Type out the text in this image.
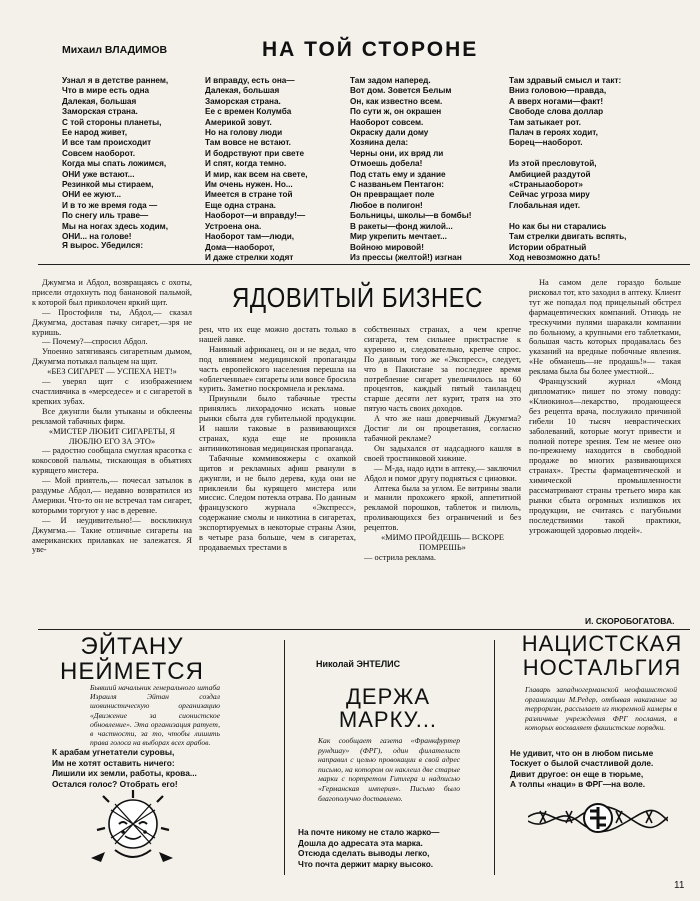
Михаил ВЛАДИМОВ	НА ТОЙ СТОРОНЕ
Узнал я в детстве раннем,
Что в мире есть одна
Далекая, большая
Заморская страна.
С той стороны планеты,
Ее народ живет,
И все там происходит
Совсем наоборот.
Когда мы спать ложимся,
ОНИ уже встают...
Резинкой мы стираем,
ОНИ ее жуют...
И в то же время года —
По снегу иль траве—
Мы на ногах здесь ходим,
ОНИ... на голове!
Я вырос. Убедился:
И вправду, есть она—
Далекая, большая
Заморская страна.
Ее с времен Колумба
Америкой зовут.
Но на голову люди
Там вовсе не встают.
И бодрствуют при свете
И спят, когда темно.
И мир, как всем на свете,
Им очень нужен. Но...
Имеется в стране той
Еще одна страна.
Наоборот—и вправду!—
Устроена она.
Наоборот там—люди,
Дома—наоборот,
И даже стрелки ходят
Там задом наперед.
Вот дом. Зовется Белым
Он, как известно всем.
По сути ж, он окрашен
Наоборот совсем.
Окраску дали дому
Хозяина дела:
Черны они, их вряд ли
Отмоешь добела!
Под стать ему и здание
С названьем Пентагон:
Он превращает поле
Любое в полигон!
Больницы, школы—в бомбы!
В ракеты—фонд жилой...
Мир укрепить мечтает...
Войною мировой!
Из прессы (желтой!) изгнан
Там здравый смысл и такт:
Вниз головою—правда,
А вверх ногами—факт!
Свободе слова доллар
Там затыкает рот.
Палач в героях ходит,
Борец—наоборот.

Из этой пресловутой,
Амбицией раздутой
«Страныаоборот»
Сейчас угроза миру
Глобальная идет.

Но как бы ни старались
Там стрелки двигать вспять,
Истории обратный
Ход невозможно дать!
ЯДОВИТЫЙ БИЗНЕС

Джумгма и Абдол, возвращаясь с охоты, присели отдохнуть под банановой пальмой, к которой был приколочен яркий щит.

— Простофиля ты, Абдол,— сказал Джумгма, доставая пачку сигарет,—зря не куришь.

— Почему?—спросил Абдол.

Упоенно затягиваясь сигаретным дымом, Джумгма потыкал пальцем на щит.

«БЕЗ СИГАРЕТ — УСПЕХА НЕТ!»

— уверял щит с изображением счастливчика в «мерседесе» и с сигаретой в крепких зубах.

Все джунгли были утыканы и обклеены рекламой табачных фирм.

«МИСТЕР ЛЮБИТ СИГАРЕТЫ, Я ЛЮБЛЮ ЕГО ЗА ЭТО»

— радостно сообщала смуглая красотка с кокосовой пальмы, тискающая в объятиях курящего мистера.

— Мой приятель,— почесал затылок в раздумье Абдол,— недавно возвратился из Америки. Что-то он не встречал там сигарет, которыми торгуют у нас в деревне.

— И неудивительно!— воскликнул Джумгма.— Такие отличные сигареты на американских прилавках не залежатся. Я уве-

рен, что их еще можно достать только в нашей лавке.

Наивный африканец, он и не ведал, что под влиянием медицинской пропаганды часть европейского населения перешла на «облегченные» сигареты или вовсе бросила курить. Заметно поскромнела и реклама.

Приуныли было табачные тресты принялись лихорадочно искать новые рынки сбыта для губительной продукции. И нашли таковые в развивающихся странах, куда еще не проникла антиникотиновая медицинская пропаганда.

Табачные коммивояжеры с охапкой щитов и рекламных афиш рванули в джунгли, и не было дерева, куда они не приклеили бы курящего мистера или миссис. Следом потекла отрава. По данным французского журнала «Экспресс», содержание смолы и никотина в сигаретах, экспортируемых в некоторые страны Азии, в четыре раза больше, чем в сигаретах, продаваемых трестами в

собственных странах, а чем крепче сигарета, тем сильнее пристрастие к курению и, следовательно, крепче спрос. По данным того же «Экспресс», следует, что в Пакистане за последнее время потребление сигарет увеличилось на 60 процентов, каждый пятый таиландец старше десяти лет курит, тратя на это пятую часть своих доходов.

А что же наш доверчивый Джумгма? Достиг ли он процветания, согласно табачной рекламе?

Он задыхался от надсадного кашля в своей тростниковой хижине.

— М-да, надо идти в аптеку,— заключил Абдол и помог другу подняться с циновки.

Аптека была за углом. Ее витрины звали и манили прохожего яркой, аппетитной рекламой порошков, таблеток и пилюль, проливающихся без ограничений и без рецептов.

«МИМО ПРОЙДЕШЬ— ВСКОРЕ ПОМРЕШЬ»

— острила реклама.

На самом деле гораздо больше рисковал тот, кто заходил в аптеку. Клиент тут же попадал под прицельный обстрел фармацевтических компаний. Отнюдь не трескучими пулями шаракали компании по больному, а крупными его таблетками, большая часть которых продавалась без указаний на вредные побочные явления. «Не обманешь—не продашь!»— такая реклама была бы более уместной...

Французский журнал «Монд дипломатик» пишет по этому поводу: «Клиокинол—лекарство, продающееся без рецепта врача, послужило причиной гибели 10 тысяч неврастических заболеваний, которые могут привести и полной потере зрения. Тем не менее оно по-прежнему находится в свободной продаже во многих развивающихся странах». Тресты фармацевтической и химической промышленности рассматривают страны третьего мира как рынки сбыта огромных излишков их продукции, не считаясь с пагубными последствиями такой практики, угрожающей здоровью людей».

И. СКОРОБОГАТОВА.
ЭЙТАНУ
НЕЙМЕТСЯ
Бывший начальник генерального штаба Израиля Эйтан создал шовинистическую организацию «Движение за сионистское обновление». Эта организация ратует, в частности, за то, чтобы лишить права голоса на выборах всех арабов.
К арабам угнетатели суровы,
Им не хотят оставить ничего:
Лишили их земли, работы, крова...
Остался голос? Отобрать его!
Николай ЭНТЕЛИС
ДЕРЖА
МАРКУ...
Как сообщает газета «Франкфуртер рундшау» (ФРГ), один филателист направил с целью провокации в свой адрес письмо, на котором он наклеил две старые марки с портретом Гитлера и надписью «Германская империя». Письмо было благополучно доставлено.
На почте никому не стало жарко—
Дошла до адресата эта марка.
Отсюда сделать выводы легко,
Что почта держит марку высоко.
НАЦИСТСКАЯ
НОСТАЛЬГИЯ
Главарь западногерманской неофашистской организации М.Редер, отбывая наказание за терроризм, рассылает из тюремной камеры в различные учреждения ФРГ послания, в которых восхваляет фашистские порядки.
Не удивит, что он в любом письме
Тоскует о былой счастливой доле.
Дивит другое: он еще в тюрьме,
А толпы «наци» в ФРГ—на воле.
11
